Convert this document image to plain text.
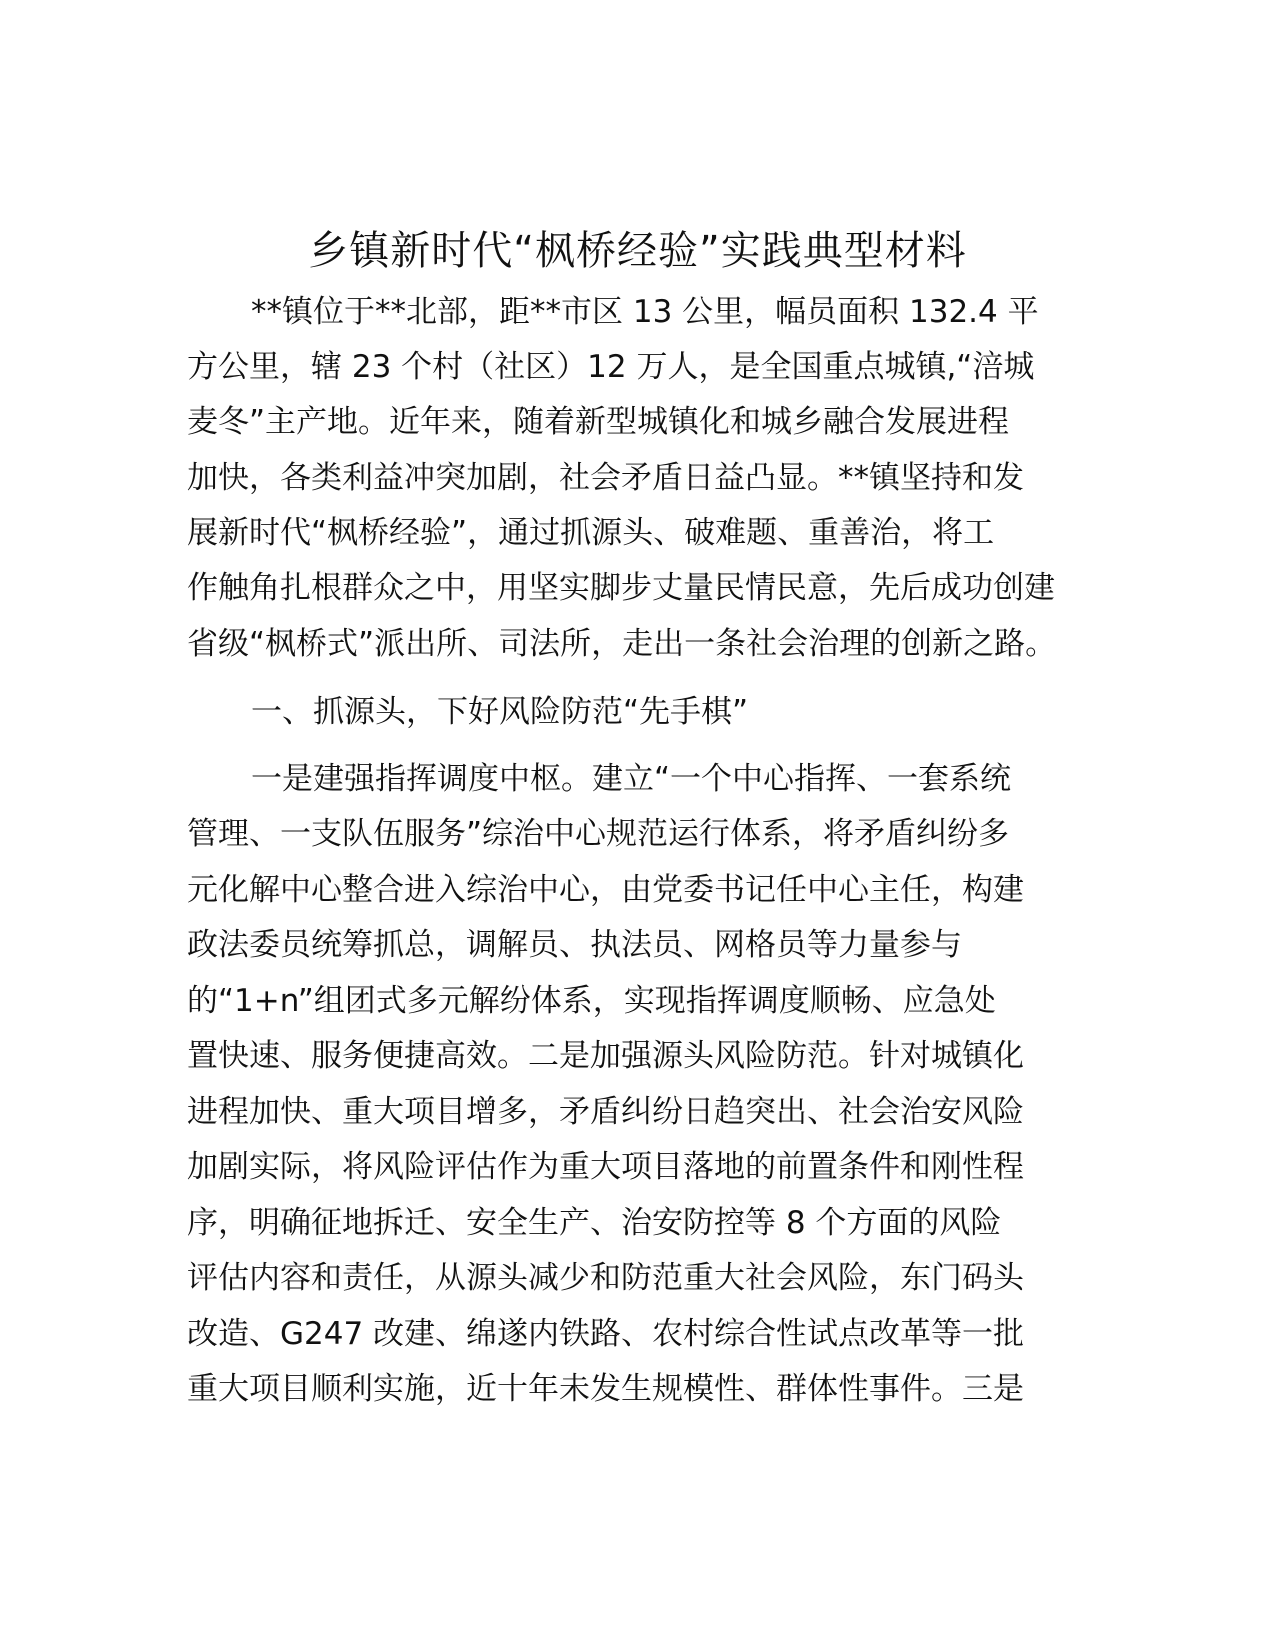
乡镇新时代“枫桥经验”实践典型材料
**镇位于**北部，距**市区 13 公里，幅员面积 132.4 平
方公里，辖 23 个村（社区）12 万人，是全国重点城镇,“涪城
麦冬”主产地。近年来，随着新型城镇化和城乡融合发展进程
加快，各类利益冲突加剧，社会矛盾日益凸显。**镇坚持和发
展新时代“枫桥经验”，通过抓源头、破难题、重善治，将工
作触角扎根群众之中，用坚实脚步丈量民情民意，先后成功创建
省级“枫桥式”派出所、司法所，走出一条社会治理的创新之路。
一、抓源头，下好风险防范“先手棋”
一是建强指挥调度中枢。建立“一个中心指挥、一套系统
管理、一支队伍服务”综治中心规范运行体系，将矛盾纠纷多
元化解中心整合进入综治中心，由党委书记任中心主任，构建
政法委员统筹抓总，调解员、执法员、网格员等力量参与
的“1+n”组团式多元解纷体系，实现指挥调度顺畅、应急处
置快速、服务便捷高效。二是加强源头风险防范。针对城镇化
进程加快、重大项目增多，矛盾纠纷日趋突出、社会治安风险
加剧实际，将风险评估作为重大项目落地的前置条件和刚性程
序，明确征地拆迁、安全生产、治安防控等 8 个方面的风险
评估内容和责任，从源头减少和防范重大社会风险，东门码头
改造、G247 改建、绵遂内铁路、农村综合性试点改革等一批
重大项目顺利实施，近十年未发生规模性、群体性事件。三是
